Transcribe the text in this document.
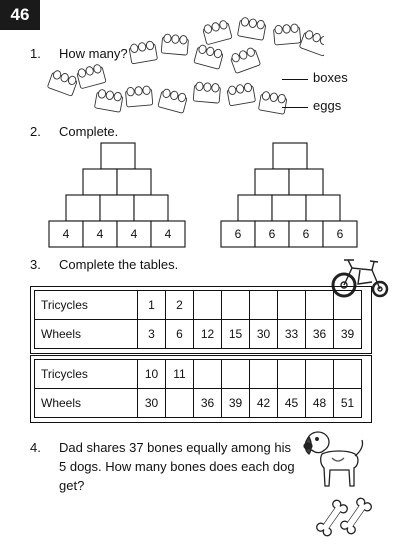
46
1. How many?
boxes
eggs
2. Complete.
4 4 4 4	6 6 6 6
3. Complete the tables.
Tricycles	1	2						
Wheels	3	6	12	15	30	33	36	39
Tricycles	10	11						
Wheels	30		36	39	42	45	48	51
4. Dad shares 37 bones equally among his
5 dogs. How many bones does each dog
get?
